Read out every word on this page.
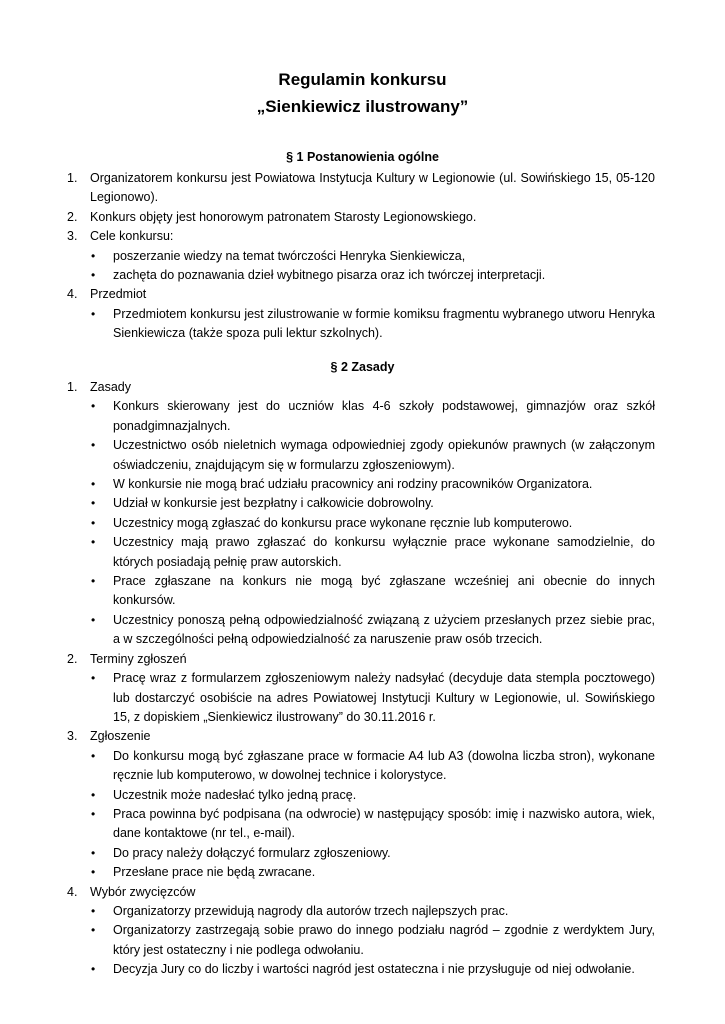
Regulamin konkursu
„Sienkiewicz ilustrowany”
§ 1 Postanowienia ogólne
1. Organizatorem konkursu jest Powiatowa Instytucja Kultury w Legionowie (ul. Sowińskiego 15, 05-120 Legionowo).
2. Konkurs objęty jest honorowym patronatem Starosty Legionowskiego.
3. Cele konkursu:
• poszerzanie wiedzy na temat twórczości Henryka Sienkiewicza,
• zachęta do poznawania dzieł wybitnego pisarza oraz ich twórczej interpretacji.
4. Przedmiot
• Przedmiotem konkursu jest zilustrowanie w formie komiksu fragmentu wybranego utworu Henryka Sienkiewicza (także spoza puli lektur szkolnych).
§ 2 Zasady
1. Zasady
• Konkurs skierowany jest do uczniów klas 4-6 szkoły podstawowej, gimnazjów oraz szkół ponadgimnazjalnych.
• Uczestnictwo osób nieletnich wymaga odpowiedniej zgody opiekunów prawnych (w załączonym oświadczeniu, znajdującym się w formularzu zgłoszeniowym).
• W konkursie nie mogą brać udziału pracownicy ani rodziny pracowników Organizatora.
• Udział w konkursie jest bezpłatny i całkowicie dobrowolny.
• Uczestnicy mogą zgłaszać do konkursu prace wykonane ręcznie lub komputerowo.
• Uczestnicy mają prawo zgłaszać do konkursu wyłącznie prace wykonane samodzielnie, do których posiadają pełnię praw autorskich.
• Prace zgłaszane na konkurs nie mogą być zgłaszane wcześniej ani obecnie do innych konkursów.
• Uczestnicy ponoszą pełną odpowiedzialność związaną z użyciem przesłanych przez siebie prac, a w szczególności pełną odpowiedzialność za naruszenie praw osób trzecich.
2. Terminy zgłoszeń
• Pracę wraz z formularzem zgłoszeniowym należy nadsyłać (decyduje data stempla pocztowego) lub dostarczyć osobiście na adres Powiatowej Instytucji Kultury w Legionowie, ul. Sowińskiego 15, z dopiskiem „Sienkiewicz ilustrowany” do 30.11.2016 r.
3. Zgłoszenie
• Do konkursu mogą być zgłaszane prace w formacie A4 lub A3 (dowolna liczba stron), wykonane ręcznie lub komputerowo, w dowolnej technice i kolorystyce.
• Uczestnik może nadesłać tylko jedną pracę.
• Praca powinna być podpisana (na odwrocie) w następujący sposób: imię i nazwisko autora, wiek, dane kontaktowe (nr tel., e-mail).
• Do pracy należy dołączyć formularz zgłoszeniowy.
• Przesłane prace nie będą zwracane.
4. Wybór zwycięzców
• Organizatorzy przewidują nagrody dla autorów trzech najlepszych prac.
• Organizatorzy zastrzegają sobie prawo do innego podziału nagród – zgodnie z werdyktem Jury, który jest ostateczny i nie podlega odwołaniu.
• Decyzja Jury co do liczby i wartości nagród jest ostateczna i nie przysługuje od niej odwołanie.
